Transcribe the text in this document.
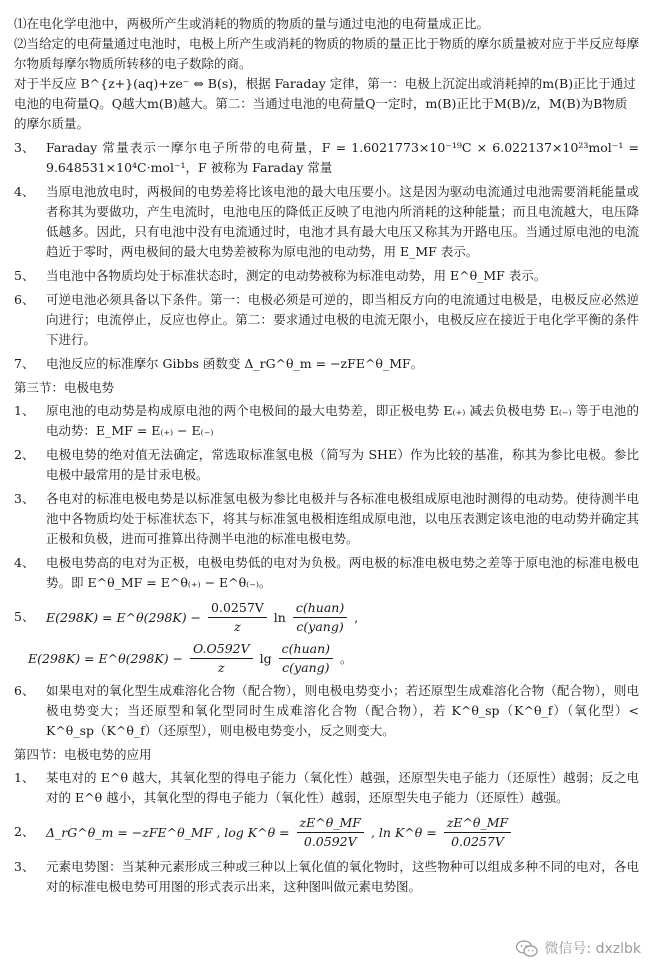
⑴在电化学电池中，两极所产生或消耗的物质的物质的量与通过电池的电荷量成正比。

⑵当给定的电荷量通过电池时，电极上所产生或消耗的物质的物质的量正比于物质的摩尔质量被对应于半反应每摩尔物质每摩尔物质所转移的电子数除的商。

对于半反应 B^{z+}(aq)+ze⁻ ⇔ B(s)，根据 Faraday 定律，第一：电极上沉淀出或消耗掉的m(B)正比于通过电池的电荷量Q。Q越大m(B)越大。第二：当通过电池的电荷量Q一定时，m(B)正比于M(B)/z，M(B)为B物质的摩尔质量。

3、 Faraday 常量表示一摩尔电子所带的电荷量，F = 1.6021773×10⁻¹⁹C × 6.022137×10²³mol⁻¹ = 9.648531×10⁴C·mol⁻¹，F 被称为 Faraday 常量
4、 当原电池放电时，两极间的电势差将比该电池的最大电压要小。这是因为驱动电流通过电池需要消耗能量或者称其为要做功，产生电流时，电池电压的降低正反映了电池内所消耗的这种能量；而且电流越大，电压降低越多。因此，只有电池中没有电流通过时，电池才具有最大电压又称其为开路电压。当通过原电池的电流趋近于零时，两电极间的最大电势差被称为原电池的电动势，用 E_MF 表示。
5、 当电池中各物质均处于标准状态时，测定的电动势被称为标准电动势，用 E^θ_MF 表示。
6、 可逆电池必须具备以下条件。第一：电极必须是可逆的，即当相反方向的电流通过电极是，电极反应必然逆向进行；电流停止，反应也停止。第二：要求通过电极的电流无限小，电极反应在接近于电化学平衡的条件下进行。
7、 电池反应的标准摩尔 Gibbs 函数变 Δ_rG^θ_m = −zFE^θ_MF。
第三节：电极电势
1、 原电池的电动势是构成原电池的两个电极间的最大电势差，即正极电势 E₍₊₎ 减去负极电势 E₍₋₎ 等于电池的电动势：E_MF = E₍₊₎ − E₍₋₎
2、 电极电势的绝对值无法确定，常选取标准氢电极（简写为 SHE）作为比较的基准，称其为参比电极。参比电极中最常用的是甘汞电极。
3、 各电对的标准电极电势是以标准氢电极为参比电极并与各标准电极组成原电池时测得的电动势。使待测半电池中各物质均处于标准状态下，将其与标准氢电极相连组成原电池，以电压表测定该电池的电动势并确定其正极和负极，进而可推算出待测半电池的标准电极电势。
4、 电极电势高的电对为正极，电极电势低的电对为负极。两电极的标准电极电势之差等于原电池的标准电极电势。即 E^θ_MF = E^θ₍₊₎ − E^θ₍₋₎。
5、 E(298K) = E^θ(298K) − $\frac{0.0257V}{z}$ $\ln \frac{\text{c(huan)}}{\text{c(yang)}}$ ,
E(298K) = E^θ(298K) − $\frac{O.O592V}{z}$ $\lg \frac{\text{c(huan)}}{\text{c(yang)}}$ 。
6、 如果电对的氧化型生成难溶化合物（配合物），则电极电势变小；若还原型生成难溶化合物（配合物），则电极电势变大；当还原型和氧化型同时生成难溶化合物（配合物），若 K^θ_sp（K^θ_f）（氧化型）< K^θ_sp（K^θ_f）（还原型），则电极电势变小，反之则变大。
第四节：电极电势的应用
1、 某电对的 E^θ 越大，其氧化型的得电子能力（氧化性）越强，还原型失电子能力（还原性）越弱；反之电对的 E^θ 越小，其氧化型的得电子能力（氧化性）越弱，还原型失电子能力（还原性）越强。
2、 Δ_rG^θ_m = −zFE^θ_MF , log K^θ = $\frac{zE\^{}\theta\_MF}{0.0592V}$ , ln K^θ = $\frac{zE\^{}\theta\_MF}{0.0257V}$
3、 元素电势图：当某种元素形成三种或三种以上氧化值的氧化物时，这些物种可以组成多种不同的电对，各电对的标准电极电势可用图的形式表示出来，这种图叫做元素电势图。
微信号: dxzlbk
